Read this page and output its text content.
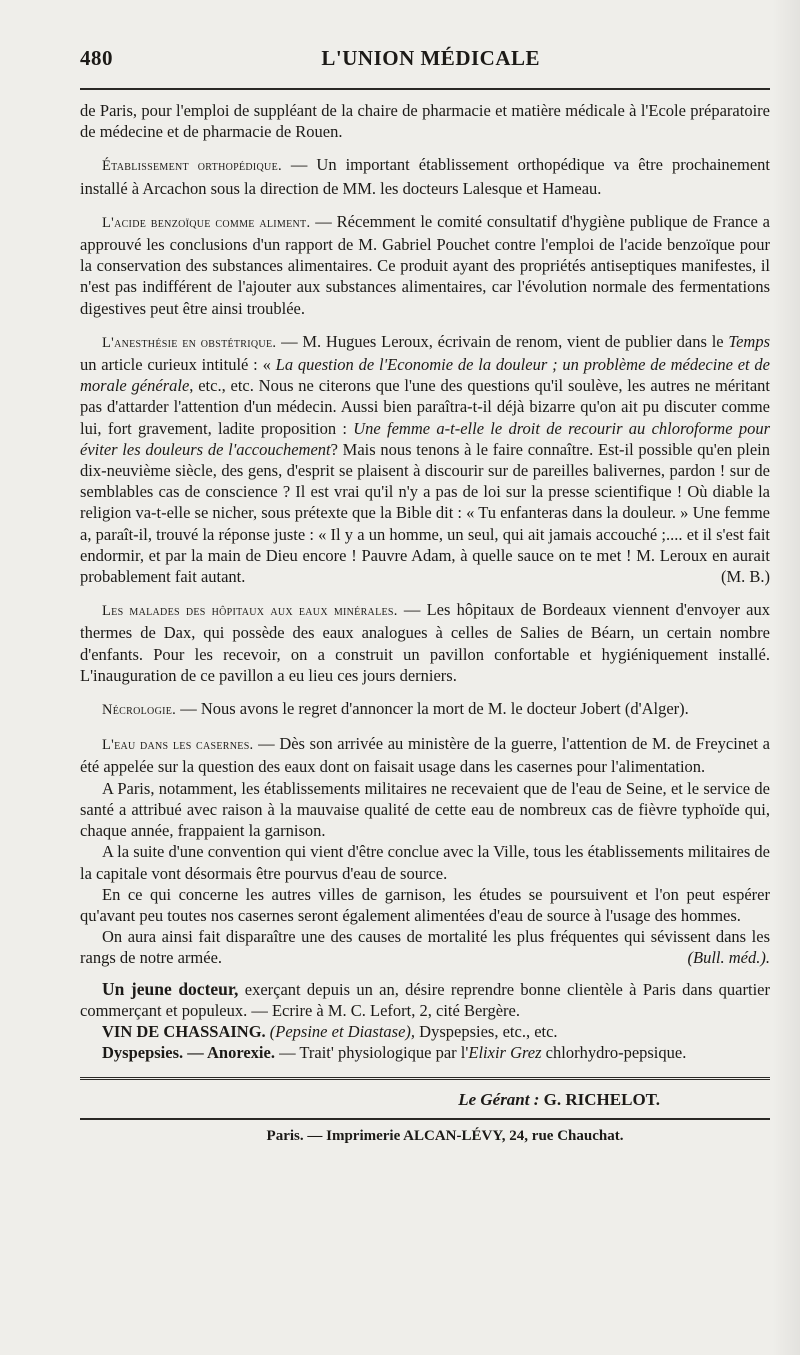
480	L'UNION MÉDICALE

de Paris, pour l'emploi de suppléant de la chaire de pharmacie et matière médicale à l'Ecole préparatoire de médecine et de pharmacie de Rouen.

Établissement orthopédique. — Un important établissement orthopédique va être prochainement installé à Arcachon sous la direction de MM. les docteurs Lalesque et Hameau.

L'acide benzoïque comme aliment. — Récemment le comité consultatif d'hygiène publique de France a approuvé les conclusions d'un rapport de M. Gabriel Pouchet contre l'emploi de l'acide benzoïque pour la conservation des substances alimentaires. Ce produit ayant des propriétés antiseptiques manifestes, il n'est pas indifférent de l'ajouter aux substances alimentaires, car l'évolution normale des fermentations digestives peut être ainsi troublée.

L'anesthésie en obstétrique. — M. Hugues Leroux, écrivain de renom, vient de publier dans le Temps un article curieux intitulé : « La question de l'Economie de la douleur ; un problème de médecine et de morale générale, etc., etc. Nous ne citerons que l'une des questions qu'il soulève, les autres ne méritant pas d'attarder l'attention d'un médecin. Aussi bien paraîtra-t-il déjà bizarre qu'on ait pu discuter comme lui, fort gravement, ladite proposition : Une femme a-t-elle le droit de recourir au chloroforme pour éviter les douleurs de l'accouchement? Mais nous tenons à le faire connaître. Est-il possible qu'en plein dix-neuvième siècle, des gens, d'esprit se plaisent à discourir sur de pareilles balivernes, pardon ! sur de semblables cas de conscience ? Il est vrai qu'il n'y a pas de loi sur la presse scientifique ! Où diable la religion va-t-elle se nicher, sous prétexte que la Bible dit : « Tu enfanteras dans la douleur. » Une femme a, paraît-il, trouvé la réponse juste : « Il y a un homme, un seul, qui ait jamais accouché ;.... et il s'est fait endormir, et par la main de Dieu encore ! Pauvre Adam, à quelle sauce on te met ! M. Leroux en aurait probablement fait autant.	(M. B.)

Les malades des hôpitaux aux eaux minérales. — Les hôpitaux de Bordeaux viennent d'envoyer aux thermes de Dax, qui possède des eaux analogues à celles de Salies de Béarn, un certain nombre d'enfants. Pour les recevoir, on a construit un pavillon confortable et hygiéniquement installé. L'inauguration de ce pavillon a eu lieu ces jours derniers.

Nécrologie. — Nous avons le regret d'annoncer la mort de M. le docteur Jobert (d'Alger).

L'eau dans les casernes. — Dès son arrivée au ministère de la guerre, l'attention de M. de Freycinet a été appelée sur la question des eaux dont on faisait usage dans les casernes pour l'alimentation.

A Paris, notamment, les établissements militaires ne recevaient que de l'eau de Seine, et le service de santé a attribué avec raison à la mauvaise qualité de cette eau de nombreux cas de fièvre typhoïde qui, chaque année, frappaient la garnison.

A la suite d'une convention qui vient d'être conclue avec la Ville, tous les établissements militaires de la capitale vont désormais être pourvus d'eau de source.

En ce qui concerne les autres villes de garnison, les études se poursuivent et l'on peut espérer qu'avant peu toutes nos casernes seront également alimentées d'eau de source à l'usage des hommes.

On aura ainsi fait disparaître une des causes de mortalité les plus fréquentes qui sévissent dans les rangs de notre armée.	(Bull. méd.).

Un jeune docteur, exerçant depuis un an, désire reprendre bonne clientèle à Paris dans quartier commerçant et populeux. — Ecrire à M. C. Lefort, 2, cité Bergère.

VIN DE CHASSAING. (Pepsine et Diastase), Dyspepsies, etc., etc.

Dyspepsies. — Anorexie. — Trait' physiologique par l'Elixir Grez chlorhydro-pepsique.

Le Gérant : G. RICHELOT.
Paris. — Imprimerie ALCAN-LÉVY, 24, rue Chauchat.
